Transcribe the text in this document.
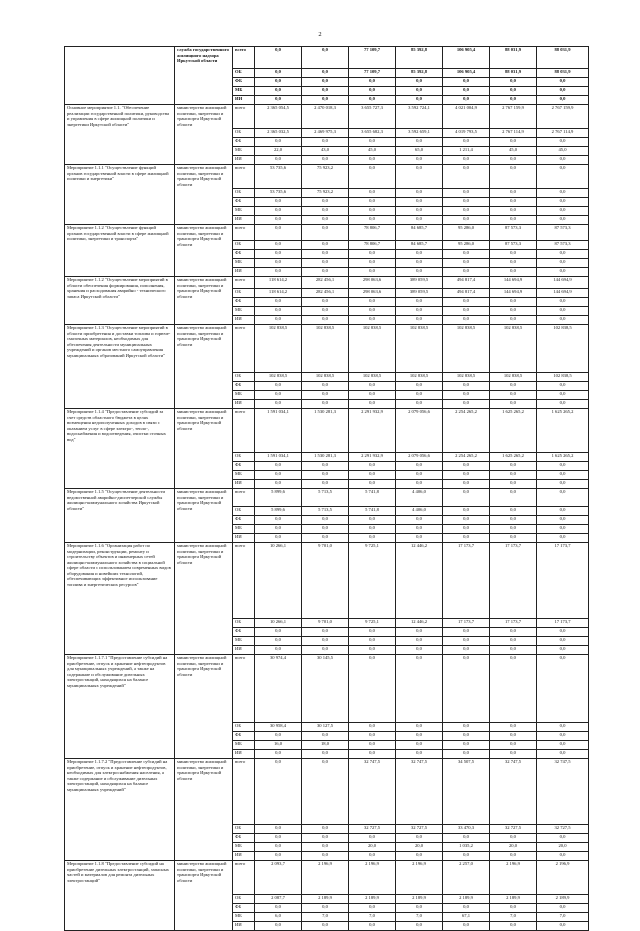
2
	служба государственного жилищного надзора Иркутской области	всего	0,0	0,0	77 109,7	85 392,8	106 905,4	88 031,9	88 031,9
		ОБ	0,0	0,0	77 109,7	85 392,8	106 905,4	88 031,9	88 031,9
		ФБ	0,0	0,0	0,0	0,0	0,0	0,0	0,0
		МБ	0,0	0,0	0,0	0,0	0,0	0,0	0,0
		ИИ	0,0	0,0	0,0	0,0	0,0	0,0	0,0
Основное мероприятие 1.1. "Обеспечение реализации государственной политики, руководства и управления в сфере жилищной политики и энергетики Иркутской области"	министерство жилищной политики, энергетики и транспорта Иркутской области	всего	2 365 054,5	2 470 018,3	3 655 727,3	3 592 724,1	4 021 004,9	2 767 159,9	2 767 159,9
		ОБ	2 365 032,5	2 469 975,3	3 655 682,3	3 592 659,1	4 019 793,5	2 767 114,9	2 767 114,9
		ФБ	0,0	0,0	0,0	0,0	0,0	0,0	0,0
		МБ	22,0	43,0	45,0	65,0	1 211,4	45,0	45,0
		ИИ	0,0	0,0	0,0	0,0	0,0	0,0	0,0
Мероприятие 1.1.1 "Осуществление функций органов государственной власти в сфере жилищной политики и энергетики"	министерство жилищной политики, энергетики и транспорта Иркутской области	всего	53 735,6	75 923,2	0,0	0,0	0,0	0,0	0,0
		ОБ	53 735,6	75 923,2	0,0	0,0	0,0	0,0	0,0
		ФБ	0,0	0,0	0,0	0,0	0,0	0,0	0,0
		МБ	0,0	0,0	0,0	0,0	0,0	0,0	0,0
		ИИ	0,0	0,0	0,0	0,0	0,0	0,0	0,0
Мероприятие 1.1.2 "Осуществление функций органов государственной власти в сфере жилищной политики, энергетики и транспорта"	министерство жилищной политики, энергетики и транспорта Иркутской области	всего	0,0	0,0	78 806,7	84 685,7	95 286,0	87 573,3	87 573,3
		ОБ	0,0	0,0	78 806,7	84 685,7	95 286,0	87 573,3	87 573,3
		ФБ	0,0	0,0	0,0	0,0	0,0	0,0	0,0
		МБ	0,0	0,0	0,0	0,0	0,0	0,0	0,0
		ИИ	0,0	0,0	0,0	0,0	0,0	0,0	0,0
Мероприятие 1.1.2 "Осуществление мероприятий в области обеспечения формирования, пополнения, хранения и расходования аварийно - технического запаса Иркутской области"	министерство жилищной политики, энергетики и транспорта Иркутской области	всего	118 614,2	282 456,1	298 063,6	389 059,5	494 817,4	144 694,9	144 694,9
		ОБ	118 614,2	282 456,1	298 063,6	389 059,5	494 817,4	144 694,9	144 694,9
		ФБ	0,0	0,0	0,0	0,0	0,0	0,0	0,0
		МБ	0,0	0,0	0,0	0,0	0,0	0,0	0,0
		ИИ	0,0	0,0	0,0	0,0	0,0	0,0	0,0
Мероприятие 1.1.3 "Осуществление мероприятий в области приобретения и доставки топлива и горюче-смазочных материалов, необходимых для обеспечения деятельности муниципальных учреждений и органов местного самоуправления муниципальных образований Иркутской области"	министерство жилищной политики, энергетики и транспорта Иркутской области	всего	102 838,5	102 838,5	102 838,5	102 838,5	102 838,5	102 838,5	102 838,5
		ОБ	102 838,5	102 838,5	102 838,5	102 838,5	102 838,5	102 838,5	102 838,5
		ФБ	0,0	0,0	0,0	0,0	0,0	0,0	0,0
		МБ	0,0	0,0	0,0	0,0	0,0	0,0	0,0
		ИИ	0,0	0,0	0,0	0,0	0,0	0,0	0,0
Мероприятие 1.1.4 "Предоставление субсидий за счет средств областного бюджета в целях возмещения недополученных доходов в связи с оказанием услуг в сфере электро-, тепло-, водоснабжения и водоотведения, очистки сточных вод"	министерство жилищной политики, энергетики и транспорта Иркутской области	всего	1 591 034,1	1 530 281,3	2 291 932,9	2 079 056,6	2 254 265,2	1 625 265,2	1 625 265,2
		ОБ	1 591 034,1	1 530 281,3	2 291 932,9	2 079 056,6	2 254 265,2	1 625 265,2	1 625 265,2
		ФБ	0,0	0,0	0,0	0,0	0,0	0,0	0,0
		МБ	0,0	0,0	0,0	0,0	0,0	0,0	0,0
		ИИ	0,0	0,0	0,0	0,0	0,0	0,0	0,0
Мероприятие 1.1.5 "Осуществление деятельности ведомственной аварийно-диспетчерской службы жилищно-коммунального хозяйства Иркутской области"	министерство жилищной политики, энергетики и транспорта Иркутской области	всего	5 899,6	5 713,5	5 741,8	4 406,0	0,0	0,0	0,0
		ОБ	5 899,6	5 713,5	5 741,8	4 406,0	0,0	0,0	0,0
		ФБ	0,0	0,0	0,0	0,0	0,0	0,0	0,0
		МБ	0,0	0,0	0,0	0,0	0,0	0,0	0,0
		ИИ	0,0	0,0	0,0	0,0	0,0	0,0	0,0
Мероприятие 1.1.6 "Организация работ по модернизации, реконструкции, ремонту и строительству объектов и инженерных сетей жилищно-коммунального хозяйства в социальной сфере области с использованием современных видов оборудования и новейших технологий, обеспечивающих эффективное использование топлива и энергетических ресурсов"	министерство жилищной политики, энергетики и транспорта Иркутской области	всего	10 266,1	9 701,0	9 725,1	12 446,2	17 173,7	17 173,7	17 173,7
		ОБ	10 266,1	9 701,0	9 725,1	12 446,2	17 173,7	17 173,7	17 173,7
		ФБ	0,0	0,0	0,0	0,0	0,0	0,0	0,0
		МБ	0,0	0,0	0,0	0,0	0,0	0,0	0,0
		ИИ	0,0	0,0	0,0	0,0	0,0	0,0	0,0
Мероприятие 1.1.7.1 "Предоставление субсидий на приобретение, отпуск и хранение нефтепродуктов для муниципальных учреждений, а также на содержание и обслуживание дизельных электростанций, находящихся на балансе муниципальных учреждений"	министерство жилищной политики, энергетики и транспорта Иркутской области	всего	30 974,4	30 145,5	0,0	0,0	0,0	0,0	0,0
		ОБ	30 958,4	30 127,5	0,0	0,0	0,0	0,0	0,0
		ФБ	0,0	0,0	0,0	0,0	0,0	0,0	0,0
		МБ	16,0	18,0	0,0	0,0	0,0	0,0	0,0
		ИИ	0,0	0,0	0,0	0,0	0,0	0,0	0,0
Мероприятие 1.1.7.2 "Предоставление субсидий на приобретение, отпуск и хранение нефтепродуктов, необходимых для электроснабжения населения, а также содержание и обслуживание дизельных электростанций, находящихся на балансе муниципальных учреждений"	министерство жилищной политики, энергетики и транспорта Иркутской области	всего	0,0	0,0	32 747,5	32 747,5	34 507,5	32 747,5	32 747,5
		ОБ	0,0	0,0	32 727,5	32 727,5	33 470,3	32 727,5	32 727,5
		ФБ	0,0	0,0	0,0	0,0	0,0	0,0	0,0
		МБ	0,0	0,0	20,0	20,0	1 035,2	20,0	20,0
		ИИ	0,0	0,0	0,0	0,0	0,0	0,0	0,0
Мероприятие 1.1.8 "Предоставление субсидий на приобретение дизельных электростанций, запасных частей и материалов для ремонта дизельных электростанций"	министерство жилищной политики, энергетики и транспорта Иркутской области	всего	2 093,7	2 196,9	2 196,9	2 196,9	2 257,0	2 196,9	2 196,9
		ОБ	2 087,7	2 189,9	2 189,9	2 189,9	2 189,9	2 189,9	2 189,9
		ФБ	0,0	0,0	0,0	0,0	0,0	0,0	0,0
		МБ	6,0	7,0	7,0	7,0	67,1	7,0	7,0
		ИИ	0,0	0,0	0,0	0,0	0,0	0,0	0,0
